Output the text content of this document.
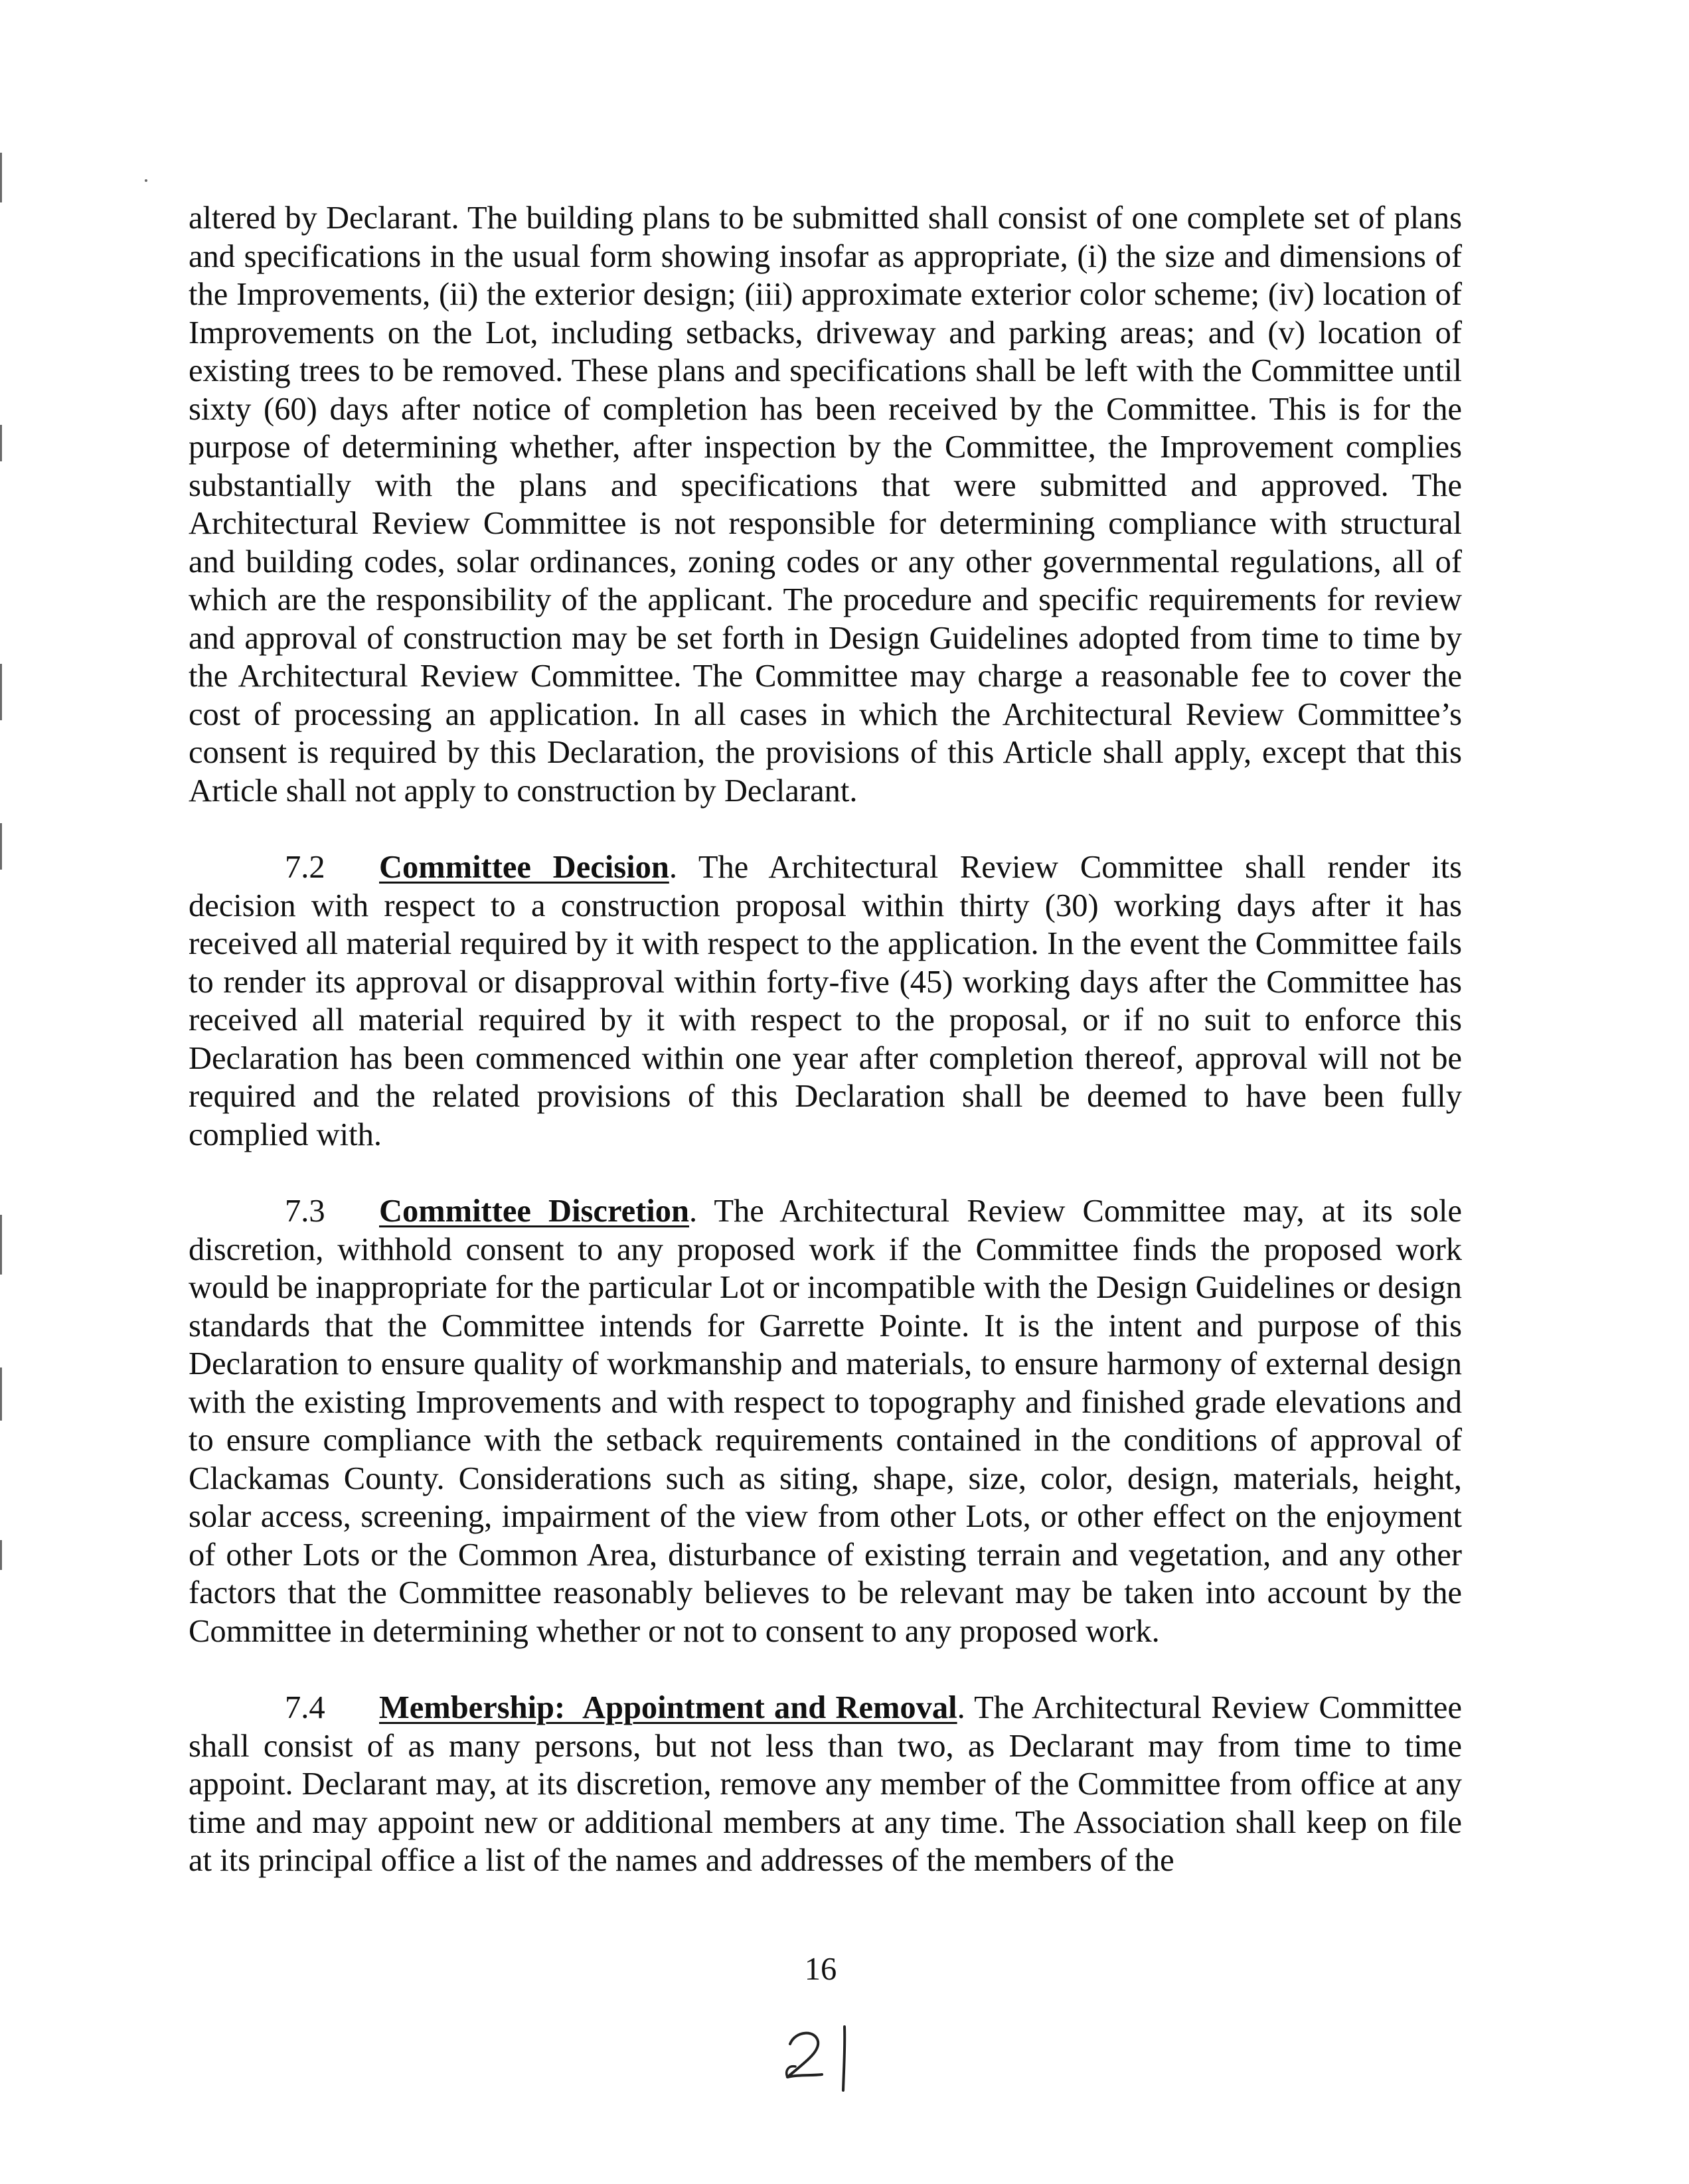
altered by Declarant. The building plans to be submitted shall consist of one complete set of plans and specifications in the usual form showing insofar as appropriate, (i) the size and dimensions of the Improvements, (ii) the exterior design; (iii) approximate exterior color scheme; (iv) location of Improvements on the Lot, including setbacks, driveway and parking areas; and (v) location of existing trees to be removed. These plans and specifications shall be left with the Committee until sixty (60) days after notice of completion has been received by the Committee. This is for the purpose of determining whether, after inspection by the Committee, the Improvement complies substantially with the plans and specifications that were submitted and approved. The Architectural Review Committee is not responsible for determining compliance with structural and building codes, solar ordinances, zoning codes or any other governmental regulations, all of which are the responsibility of the applicant. The procedure and specific requirements for review and approval of construction may be set forth in Design Guidelines adopted from time to time by the Architectural Review Committee. The Committee may charge a reasonable fee to cover the cost of processing an application. In all cases in which the Architectural Review Committee’s consent is required by this Declaration, the provisions of this Article shall apply, except that this Article shall not apply to construction by Declarant.

7.2 Committee Decision. The Architectural Review Committee shall render its decision with respect to a construction proposal within thirty (30) working days after it has received all material required by it with respect to the application. In the event the Committee fails to render its approval or disapproval within forty-five (45) working days after the Committee has received all material required by it with respect to the proposal, or if no suit to enforce this Declaration has been commenced within one year after completion thereof, approval will not be required and the related provisions of this Declaration shall be deemed to have been fully complied with.

7.3 Committee Discretion. The Architectural Review Committee may, at its sole discretion, withhold consent to any proposed work if the Committee finds the proposed work would be inappropriate for the particular Lot or incompatible with the Design Guidelines or design standards that the Committee intends for Garrette Pointe. It is the intent and purpose of this Declaration to ensure quality of workmanship and materials, to ensure harmony of external design with the existing Improvements and with respect to topography and finished grade elevations and to ensure compliance with the setback requirements contained in the conditions of approval of Clackamas County. Considerations such as siting, shape, size, color, design, materials, height, solar access, screening, impairment of the view from other Lots, or other effect on the enjoyment of other Lots or the Common Area, disturbance of existing terrain and vegetation, and any other factors that the Committee reasonably believes to be relevant may be taken into account by the Committee in determining whether or not to consent to any proposed work.

7.4 Membership:  Appointment and Removal. The Architectural Review Committee shall consist of as many persons, but not less than two, as Declarant may from time to time appoint. Declarant may, at its discretion, remove any member of the Committee from office at any time and may appoint new or additional members at any time. The Association shall keep on file at its principal office a list of the names and addresses of the members of the

16
